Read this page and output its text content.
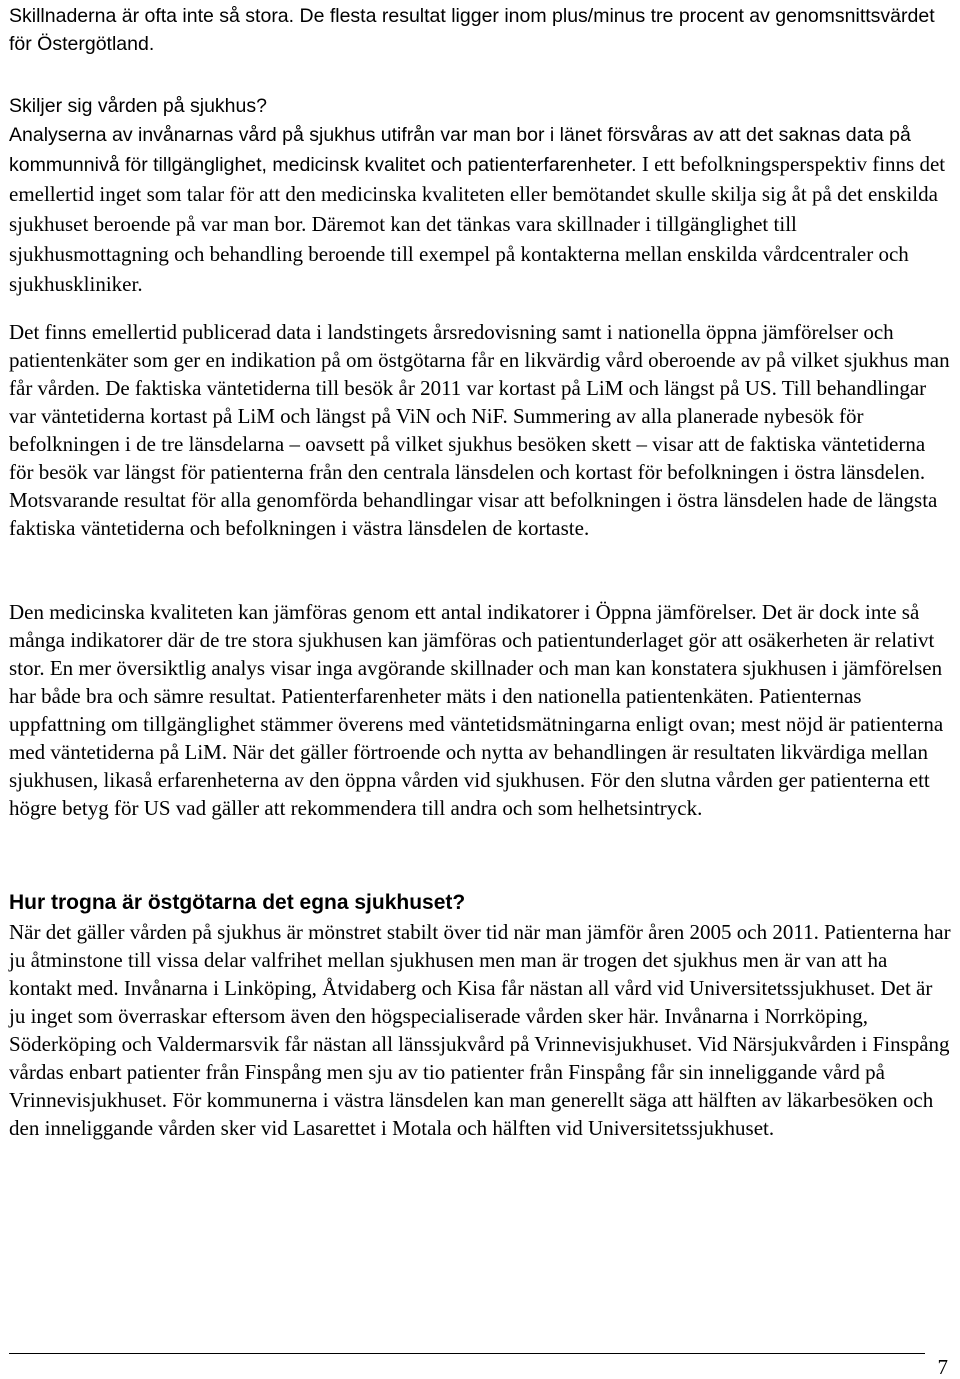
Skillnaderna är ofta inte så stora. De flesta resultat ligger inom plus/minus tre procent av genomsnittsvärdet för Östergötland.

Skiljer sig vården på sjukhus?

Analyserna av invånarnas vård på sjukhus utifrån var man bor i länet försvåras av att det saknas data på kommunnivå för tillgänglighet, medicinsk kvalitet och patienterfarenheter. I ett befolkningsperspektiv finns det emellertid inget som talar för att den medicinska kvaliteten eller bemötandet skulle skilja sig åt på det enskilda sjukhuset beroende på var man bor. Däremot kan det tänkas vara skillnader i tillgänglighet till sjukhusmottagning och behandling beroende till exempel på kontakterna mellan enskilda vårdcentraler och sjukhuskliniker.

Det finns emellertid publicerad data i landstingets årsredovisning samt i nationella öppna jämförelser och patientenkäter som ger en indikation på om östgötarna får en likvärdig vård oberoende av på vilket sjukhus man får vården. De faktiska väntetiderna till besök år 2011 var kortast på LiM och längst på US. Till behandlingar var väntetiderna kortast på LiM och längst på ViN och NiF. Summering av alla planerade nybesök för befolkningen i de tre länsdelarna – oavsett på vilket sjukhus besöken skett – visar att de faktiska väntetiderna för besök var längst för patienterna från den centrala länsdelen och kortast för befolkningen i östra länsdelen. Motsvarande resultat för alla genomförda behandlingar visar att befolkningen i östra länsdelen hade de längsta faktiska väntetiderna och befolkningen i västra länsdelen de kortaste.

Den medicinska kvaliteten kan jämföras genom ett antal indikatorer i Öppna jämförelser. Det är dock inte så många indikatorer där de tre stora sjukhusen kan jämföras och patientunderlaget gör att osäkerheten är relativt stor. En mer översiktlig analys visar inga avgörande skillnader och man kan konstatera sjukhusen i jämförelsen har både bra och sämre resultat. Patienterfarenheter mäts i den nationella patientenkäten. Patienternas uppfattning om tillgänglighet stämmer överens med väntetidsmätningarna enligt ovan; mest nöjd är patienterna med väntetiderna på LiM. När det gäller förtroende och nytta av behandlingen är resultaten likvärdiga mellan sjukhusen, likaså erfarenheterna av den öppna vården vid sjukhusen. För den slutna vården ger patienterna ett högre betyg för US vad gäller att rekommendera till andra och som helhetsintryck.

Hur trogna är östgötarna det egna sjukhuset?

När det gäller vården på sjukhus är mönstret stabilt över tid när man jämför åren 2005 och 2011. Patienterna har ju åtminstone till vissa delar valfrihet mellan sjukhusen men man är trogen det sjukhus men är van att ha kontakt med. Invånarna i Linköping, Åtvidaberg och Kisa får nästan all vård vid Universitetssjukhuset. Det är ju inget som överraskar eftersom även den högspecialiserade vården sker här. Invånarna i Norrköping, Söderköping och Valdermarsvik får nästan all länssjukvård på Vrinnevisjukhuset. Vid Närsjukvården i Finspång vårdas enbart patienter från Finspång men sju av tio patienter från Finspång får sin inneliggande vård på Vrinnevisjukhuset. För kommunerna i västra länsdelen kan man generellt säga att hälften av läkarbesöken och den inneliggande vården sker vid Lasarettet i Motala och hälften vid Universitetssjukhuset.

7
